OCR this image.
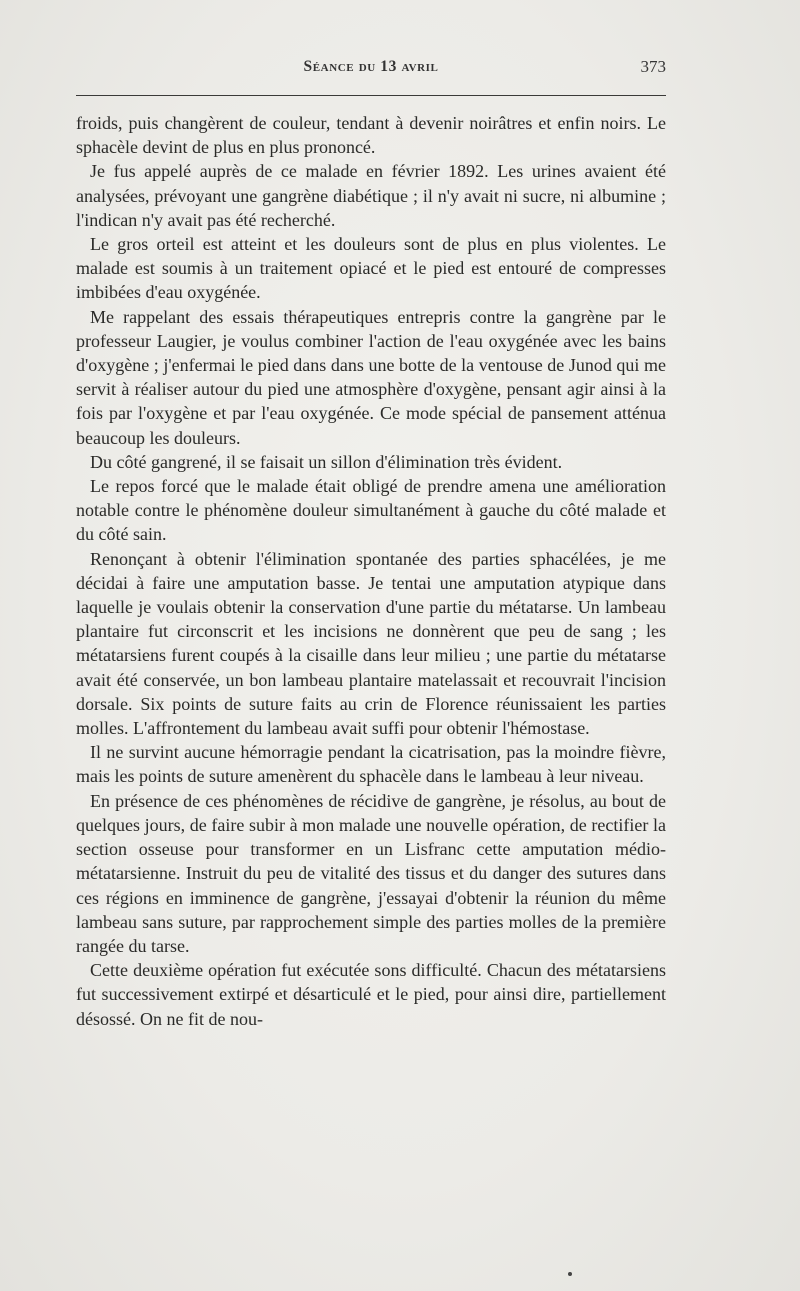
Séance du 13 avril	373

froids, puis changèrent de couleur, tendant à devenir noirâtres et enfin noirs. Le sphacèle devint de plus en plus prononcé.

Je fus appelé auprès de ce malade en février 1892. Les urines avaient été analysées, prévoyant une gangrène diabétique ; il n'y avait ni sucre, ni albumine ; l'indican n'y avait pas été recherché.

Le gros orteil est atteint et les douleurs sont de plus en plus violentes. Le malade est soumis à un traitement opiacé et le pied est entouré de compresses imbibées d'eau oxygénée.

Me rappelant des essais thérapeutiques entrepris contre la gangrène par le professeur Laugier, je voulus combiner l'action de l'eau oxygénée avec les bains d'oxygène ; j'enfermai le pied dans dans une botte de la ventouse de Junod qui me servit à réaliser autour du pied une atmosphère d'oxygène, pensant agir ainsi à la fois par l'oxygène et par l'eau oxygénée. Ce mode spécial de pansement atténua beaucoup les douleurs.

Du côté gangrené, il se faisait un sillon d'élimination très évident.

Le repos forcé que le malade était obligé de prendre amena une amélioration notable contre le phénomène douleur simultanément à gauche du côté malade et du côté sain.

Renonçant à obtenir l'élimination spontanée des parties sphacélées, je me décidai à faire une amputation basse. Je tentai une amputation atypique dans laquelle je voulais obtenir la conservation d'une partie du métatarse. Un lambeau plantaire fut circonscrit et les incisions ne donnèrent que peu de sang ; les métatarsiens furent coupés à la cisaille dans leur milieu ; une partie du métatarse avait été conservée, un bon lambeau plantaire matelassait et recouvrait l'incision dorsale. Six points de suture faits au crin de Florence réunissaient les parties molles. L'affrontement du lambeau avait suffi pour obtenir l'hémostase.

Il ne survint aucune hémorragie pendant la cicatrisation, pas la moindre fièvre, mais les points de suture amenèrent du sphacèle dans le lambeau à leur niveau.

En présence de ces phénomènes de récidive de gangrène, je résolus, au bout de quelques jours, de faire subir à mon malade une nouvelle opération, de rectifier la section osseuse pour transformer en un Lisfranc cette amputation médio-métatarsienne. Instruit du peu de vitalité des tissus et du danger des sutures dans ces régions en imminence de gangrène, j'essayai d'obtenir la réunion du même lambeau sans suture, par rapprochement simple des parties molles de la première rangée du tarse.

Cette deuxième opération fut exécutée sons difficulté. Chacun des métatarsiens fut successivement extirpé et désarticulé et le pied, pour ainsi dire, partiellement désossé. On ne fit de nou-
